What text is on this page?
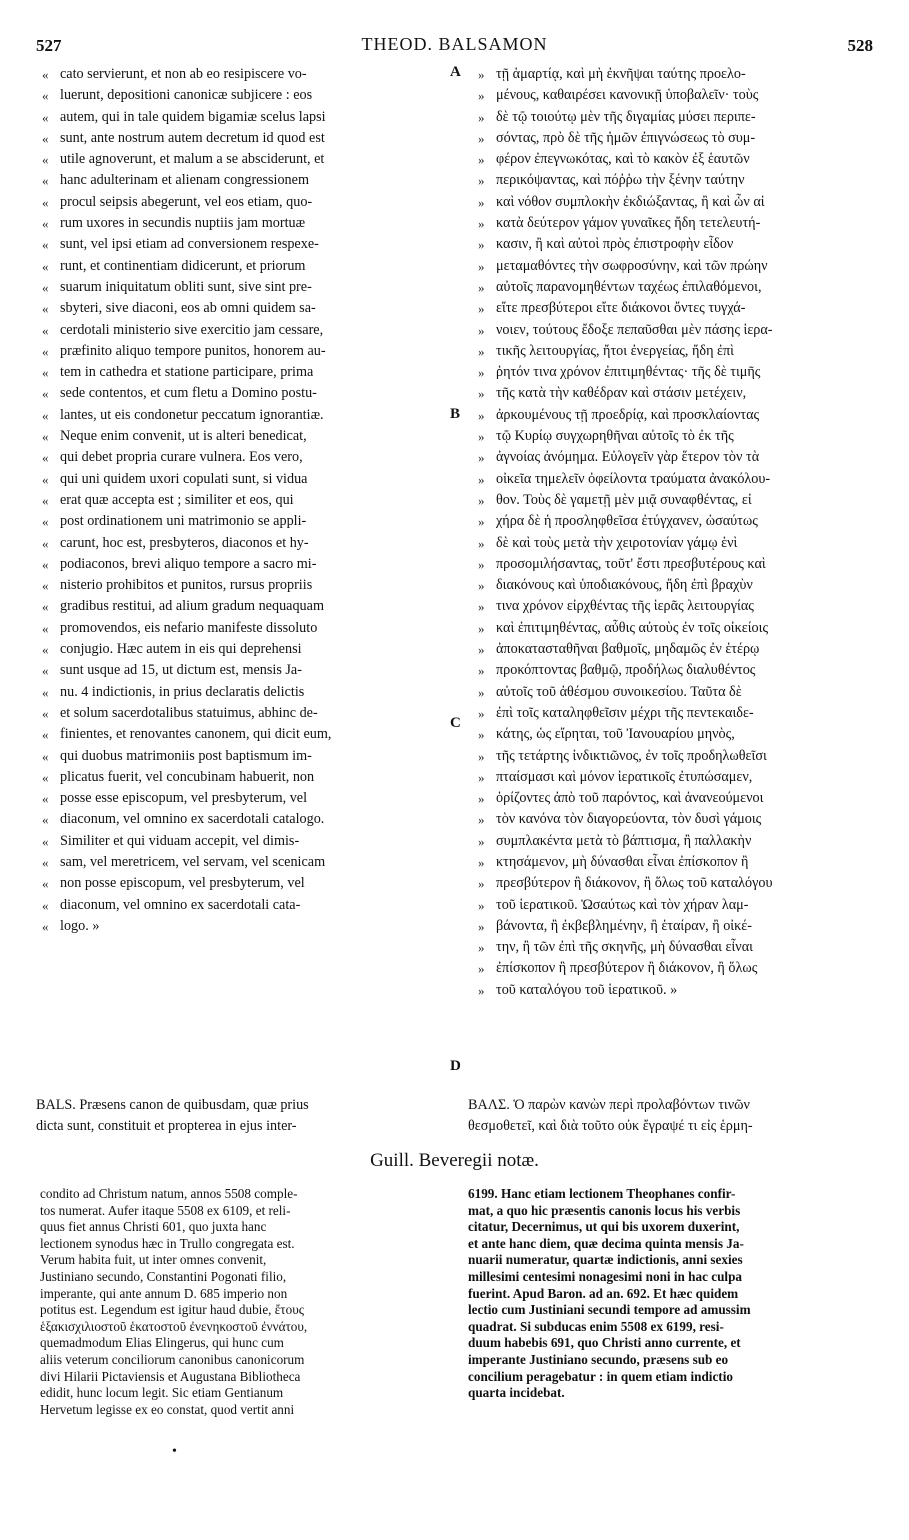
527	THEOD. BALSAMON	528
« cato servierunt, et non ab eo resipiscere vo-
« luerunt, depositioni canonicæ subjicere : eos
« autem, qui in tale quidem bigamiæ scelus lapsi
« sunt, ante nostrum autem decretum id quod est
« utile agnoverunt, et malum a se absciderunt, et
« hanc adulterinam et alienam congressionem
« procul seipsis abegerunt, vel eos etiam, quo-
« rum uxores in secundis nuptiis jam mortuæ
« sunt, vel ipsi etiam ad conversionem respexe-
« runt, et continentiam didicerunt, et priorum
« suarum iniquitatum obliti sunt, sive sint pre-
« sbyteri, sive diaconi, eos ab omni quidem sa-
« cerdotali ministerio sive exercitio jam cessare,
« præfinito aliquo tempore punitos, honorem au-
« tem in cathedra et statione participare, prima
« sede contentos, et cum fletu a Domino postu-
« lantes, ut eis condonetur peccatum ignorantiæ.
« Neque enim convenit, ut is alteri benedicat,
« qui debet propria curare vulnera. Eos vero,
« qui uni quidem uxori copulati sunt, si vidua
« erat quæ accepta est ; similiter et eos, qui
« post ordinationem uni matrimonio se appli-
« carunt, hoc est, presbyteros, diaconos et hy-
« podiaconos, brevi aliquo tempore a sacro mi-
« nisterio prohibitos et punitos, rursus propriis
« gradibus restitui, ad alium gradum nequaquam
« promovendos, eis nefario manifeste dissoluto
« conjugio. Hæc autem in eis qui deprehensi
« sunt usque ad 15, ut dictum est, mensis Ja-
« nu. 4 indictionis, in prius declaratis delictis
« et solum sacerdotalibus statuimus, abhinc de-
« finientes, et renovantes canonem, qui dicit eum,
« qui duobus matrimoniis post baptismum im-
« plicatus fuerit, vel concubinam habuerit, non
« posse esse episcopum, vel presbyterum, vel
« diaconum, vel omnino ex sacerdotali catalogo.
« Similiter et qui viduam accepit, vel dimis-
« sam, vel meretricem, vel servam, vel scenicam
« non posse episcopum, vel presbyterum, vel
« diaconum, vel omnino ex sacerdotali cata-
« logo. »
» τῇ ἁμαρτίᾳ, καὶ μὴ ἐκνῆψαι ταύτης προελο-
» μένους, καθαιρέσει κανονικῇ ὑποβαλεῖν· τοὺς
» δὲ τῷ τοιούτῳ μὲν τῆς διγαμίας μύσει περιπε-
» σόντας, πρὸ δὲ τῆς ἡμῶν ἐπιγνώσεως τὸ συμ-
» φέρον ἐπεγνωκότας, καὶ τὸ κακὸν ἐξ ἑαυτῶν
» περικόψαντας, καὶ πόῤῥω τὴν ξένην ταύτην
» καὶ νόθον συμπλοκὴν ἐκδιώξαντας, ἢ καὶ ὧν αἱ
» κατὰ δεύτερον γάμον γυναῖκες ἤδη τετελευτή-
» κασιν, ἢ καὶ αὐτοὶ πρὸς ἐπιστροφὴν εἶδον
» μεταμαθόντες τὴν σωφροσύνην, καὶ τῶν πρώην
» αὐτοῖς παρανομηθέντων ταχέως ἐπιλαθόμενοι,
» εἴτε πρεσβύτεροι εἴτε διάκονοι ὄντες τυγχά-
» νοιεν, τούτους ἔδοξε πεπαῦσθαι μὲν πάσης ἱερα-
» τικῆς λειτουργίας, ἤτοι ἐνεργείας, ἤδη ἐπὶ
» ῥητόν τινα χρόνον ἐπιτιμηθέντας· τῆς δὲ τιμῆς
» τῆς κατὰ τὴν καθέδραν καὶ στάσιν μετέχειν,
» ἀρκουμένους τῇ προεδρίᾳ, καὶ προσκλαίοντας
» τῷ Κυρίῳ συγχωρηθῆναι αὐτοῖς τὸ ἐκ τῆς
» ἀγνοίας ἀνόμημα. Εὐλογεῖν γὰρ ἕτερον τὸν τὰ
» οἰκεῖα τημελεῖν ὀφείλοντα τραύματα ἀνακόλου-
» θον. Τοὺς δὲ γαμετῇ μὲν μιᾷ συναφθέντας, εἰ
» χήρα δὲ ἡ προσληφθεῖσα ἐτύγχανεν, ὡσαύτως
» δὲ καὶ τοὺς μετὰ τὴν χειροτονίαν γάμῳ ἑνὶ
» προσομιλήσαντας, τοῦτ' ἔστι πρεσβυτέρους καὶ
» διακόνους καὶ ὑποδιακόνους, ἤδη ἐπὶ βραχὺν
» τινα χρόνον εἰρχθέντας τῆς ἱερᾶς λειτουργίας
» καὶ ἐπιτιμηθέντας, αὖθις αὐτοὺς ἐν τοῖς οἰκείοις
» ἀποκατασταθῆναι βαθμοῖς, μηδαμῶς ἐν ἑτέρῳ
» προκόπτοντας βαθμῷ, προδήλως διαλυθέντος
» αὐτοῖς τοῦ ἀθέσμου συνοικεσίου. Ταῦτα δὲ
» ἐπὶ τοῖς καταληφθεῖσιν μέχρι τῆς πεντεκαιδε-
» κάτης, ὡς εἴρηται, τοῦ Ἰανουαρίου μηνὸς,
» τῆς τετάρτης ἰνδικτιῶνος, ἐν τοῖς προδηλωθεῖσι
» πταίσμασι καὶ μόνον ἱερατικοῖς ἐτυπώσαμεν,
» ὁρίζοντες ἀπὸ τοῦ παρόντος, καὶ ἀνανεούμενοι
» τὸν κανόνα τὸν διαγορεύοντα, τὸν δυσὶ γάμοις
» συμπλακέντα μετὰ τὸ βάπτισμα, ἢ παλλακὴν
» κτησάμενον, μὴ δύνασθαι εἶναι ἐπίσκοπον ἢ
» πρεσβύτερον ἢ διάκονον, ἢ ὅλως τοῦ καταλόγου
» τοῦ ἱερατικοῦ. Ὡσαύτως καὶ τὸν χήραν λαμ-
» βάνοντα, ἢ ἐκβεβλημένην, ἢ ἑταίραν, ἢ οἰκέ-
» την, ἢ τῶν ἐπὶ τῆς σκηνῆς, μὴ δύνασθαι εἶναι
» ἐπίσκοπον ἢ πρεσβύτερον ἢ διάκονον, ἢ ὅλως
» τοῦ καταλόγου τοῦ ἱερατικοῦ. »
A
B
C
D
BALS. Præsens canon de quibusdam, quæ prius
dicta sunt, constituit et propterea in ejus inter-
ΒΑΛΣ. Ὁ παρὼν κανὼν περὶ προλαβόντων τινῶν
θεσμοθετεῖ, καὶ διὰ τοῦτο οὐκ ἔγραψέ τι εἰς ἑρμη-
Guill. Beveregii notæ.
condito ad Christum natum, annos 5508 comple-
tos numerat. Aufer itaque 5508 ex 6109, et reli-
quus fiet annus Christi 601, quo juxta hanc
lectionem synodus hæc in Trullo congregata est.
Verum habita fuit, ut inter omnes convenit,
Justiniano secundo, Constantini Pogonati filio,
imperante, qui ante annum D. 685 imperio non
potitus est. Legendum est igitur haud dubie, ἔτους
ἑξακισχιλιοστοῦ ἑκατοστοῦ ἐνενηκοστοῦ ἐννάτου,
quemadmodum Elias Elingerus, qui hunc cum
aliis veterum conciliorum canonibus canonicorum
divi Hilarii Pictaviensis et Augustana Bibliotheca
edidit, hunc locum legit. Sic etiam Gentianum
Hervetum legisse ex eo constat, quod vertit anni
6199. Hanc etiam lectionem Theophanes confir-
mat, a quo hic præsentis canonis locus his verbis
citatur, Decernimus, ut qui bis uxorem duxerint,
et ante hanc diem, quæ decima quinta mensis Ja-
nuarii numeratur, quartæ indictionis, anni sexies
millesimi centesimi nonagesimi noni in hac culpa
fuerint. Apud Baron. ad an. 692. Et hæc quidem
lectio cum Justiniani secundi tempore ad amussim
quadrat. Si subducas enim 5508 ex 6199, resi-
duum habebis 691, quo Christi anno currente, et
imperante Justiniano secundo, præsens sub eo
concilium peragebatur : in quem etiam indictio
quarta incidebat.
•
